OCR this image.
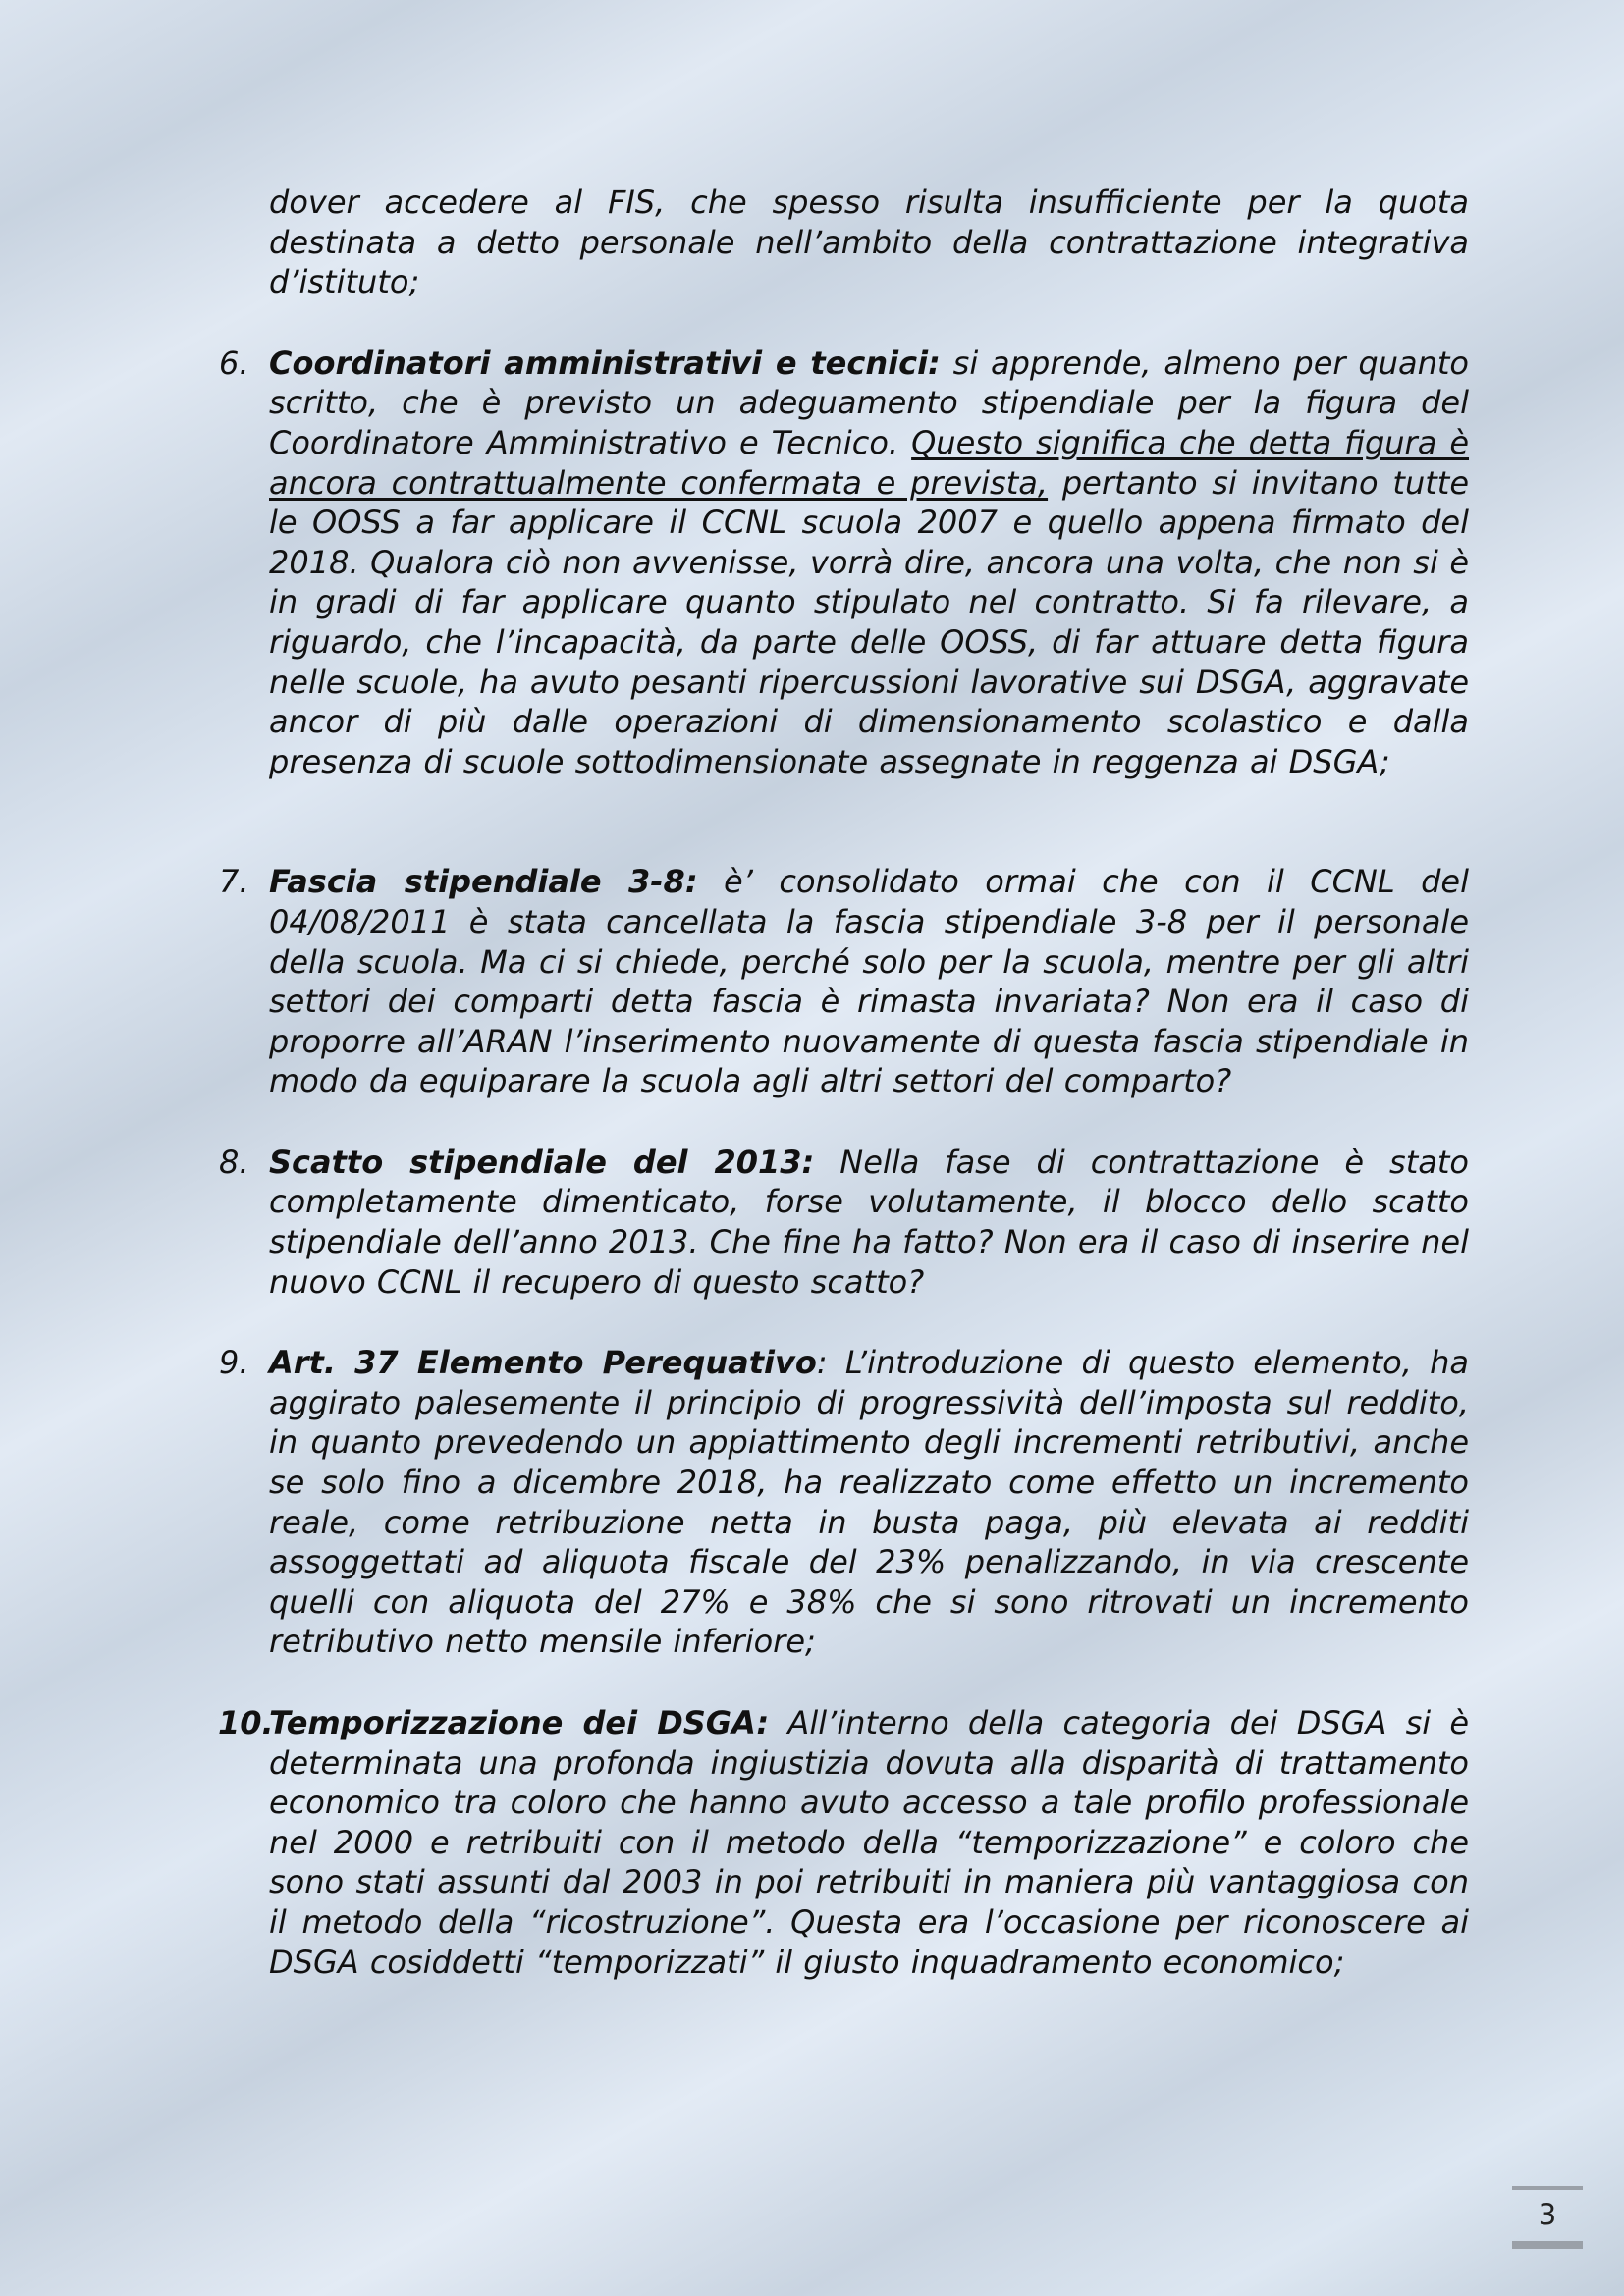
dover accedere al FIS, che spesso risulta insufficiente per la quota destinata a detto personale nell’ambito della contrattazione integrativa d’istituto;

6. Coordinatori amministrativi e tecnici: si apprende, almeno per quanto scritto, che è previsto un adeguamento stipendiale per la figura del Coordinatore Amministrativo e Tecnico. Questo significa che detta figura è ancora contrattualmente confermata e prevista, pertanto si invitano tutte le OOSS a far applicare il CCNL scuola 2007 e quello appena firmato del 2018. Qualora ciò non avvenisse, vorrà dire, ancora una volta, che non si è in gradi di far applicare quanto stipulato nel contratto. Si fa rilevare, a riguardo, che l’incapacità, da parte delle OOSS, di far attuare detta figura nelle scuole, ha avuto pesanti ripercussioni lavorative sui DSGA, aggravate ancor di più dalle operazioni di dimensionamento scolastico e dalla presenza di scuole sottodimensionate assegnate in reggenza ai DSGA;

7. Fascia stipendiale 3-8: è’ consolidato ormai che con il CCNL del 04/08/2011 è stata cancellata la fascia stipendiale 3-8 per il personale della scuola. Ma ci si chiede, perché solo per la scuola, mentre per gli altri settori dei comparti detta fascia è rimasta invariata? Non era il caso di proporre all’ARAN l’inserimento nuovamente di questa fascia stipendiale in modo da equiparare la scuola agli altri settori del comparto?

8. Scatto stipendiale del 2013: Nella fase di contrattazione è stato completamente dimenticato, forse volutamente, il blocco dello scatto stipendiale dell’anno 2013. Che fine ha fatto? Non era il caso di inserire nel nuovo CCNL il recupero di questo scatto?

9. Art. 37 Elemento Perequativo: L’introduzione di questo elemento, ha aggirato palesemente il principio di progressività dell’imposta sul reddito, in quanto prevedendo un appiattimento degli incrementi retributivi, anche se solo fino a dicembre 2018, ha realizzato come effetto un incremento reale, come retribuzione netta in busta paga, più elevata ai redditi assoggettati ad aliquota fiscale del 23% penalizzando, in via crescente quelli con aliquota del 27% e 38% che si sono ritrovati un incremento retributivo netto mensile inferiore;

10.

Temporizzazione dei DSGA: All’interno della categoria dei DSGA si è determinata una profonda ingiustizia dovuta alla disparità di trattamento economico tra coloro che hanno avuto accesso a tale profilo professionale nel 2000 e retribuiti con il metodo della “temporizzazione” e coloro che sono stati assunti dal 2003 in poi retribuiti in maniera più vantaggiosa con il metodo della “ricostruzione”. Questa era l’occasione per riconoscere ai DSGA cosiddetti “temporizzati” il giusto inquadramento economico;

3
